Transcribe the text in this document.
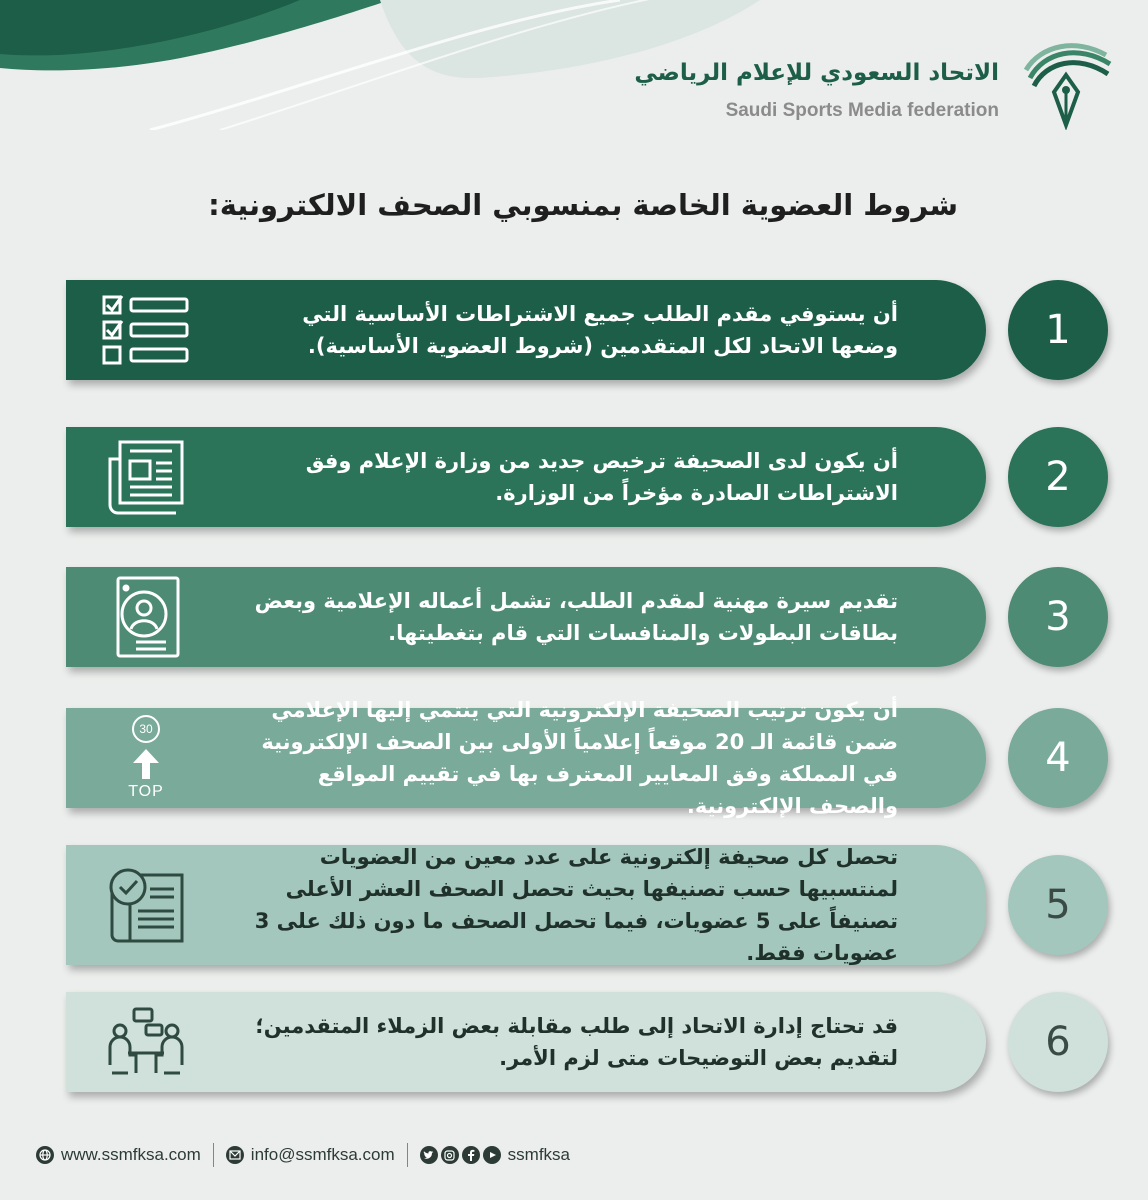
الاتحاد السعودي للإعلام الرياضي
Saudi Sports Media federation
شروط العضوية الخاصة بمنسوبي الصحف الالكترونية:
أن يستوفي مقدم الطلب جميع الاشتراطات الأساسية التي وضعها الاتحاد لكل المتقدمين (شروط العضوية الأساسية).	1
أن يكون لدى الصحيفة ترخيص جديد من وزارة الإعلام وفق الاشتراطات الصادرة مؤخراً من الوزارة.	2
تقديم سيرة مهنية لمقدم الطلب، تشمل أعماله الإعلامية وبعض بطاقات البطولات والمنافسات التي قام بتغطيتها.	3
30
TOP
أن يكون ترتيب الصحيفة الإلكترونية التي ينتمي إليها الإعلامي ضمن قائمة الـ 20 موقعاً إعلامياً الأولى بين الصحف الإلكترونية في المملكة وفق المعايير المعترف بها في تقييم المواقع والصحف الإلكترونية.
4
تحصل كل صحيفة إلكترونية على عدد معين من العضويات لمنتسبيها حسب تصنيفها بحيث تحصل الصحف العشر الأعلى تصنيفاً على 5 عضويات، فيما تحصل الصحف ما دون ذلك على 3 عضويات فقط.
5
قد تحتاج إدارة الاتحاد إلى طلب مقابلة بعض الزملاء المتقدمين؛ لتقديم بعض التوضيحات متى لزم الأمر.	6
www.ssmfksa.com	info@ssmfksa.com	ssmfksa
